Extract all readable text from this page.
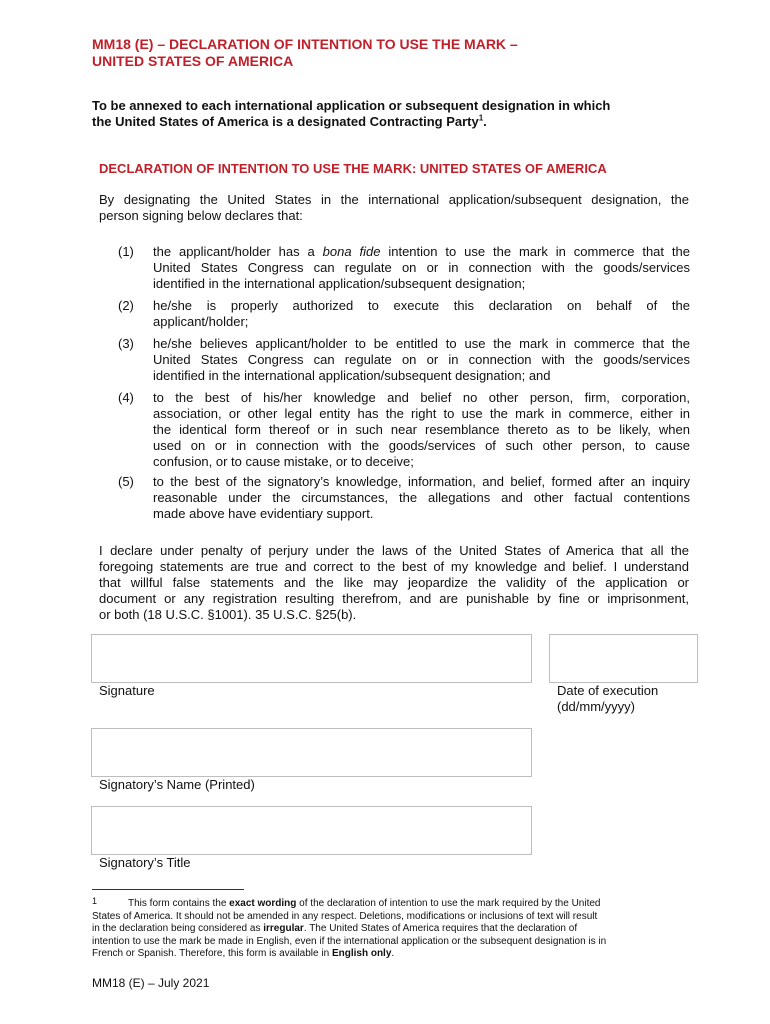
MM18 (E) – DECLARATION OF INTENTION TO USE THE MARK –
UNITED STATES OF AMERICA
To be annexed to each international application or subsequent designation in which
the United States of America is a designated Contracting Party$^1$.
DECLARATION OF INTENTION TO USE THE MARK: UNITED STATES OF AMERICA
By designating the United States in the international application/subsequent designation, the
person signing below declares that:
(1) the applicant/holder has a bona fide intention to use the mark in commerce that the
United States Congress can regulate on or in connection with the goods/services
identified in the international application/subsequent designation;
(2) he/she is properly authorized to execute this declaration on behalf of the
applicant/holder;
(3) he/she believes applicant/holder to be entitled to use the mark in commerce that the
United States Congress can regulate on or in connection with the goods/services
identified in the international application/subsequent designation; and
(4) to the best of his/her knowledge and belief no other person, firm, corporation,
association, or other legal entity has the right to use the mark in commerce, either in
the identical form thereof or in such near resemblance thereto as to be likely, when
used on or in connection with the goods/services of such other person, to cause
confusion, or to cause mistake, or to deceive;
(5) to the best of the signatory’s knowledge, information, and belief, formed after an inquiry
reasonable under the circumstances, the allegations and other factual contentions
made above have evidentiary support.
I declare under penalty of perjury under the laws of the United States of America that all the
foregoing statements are true and correct to the best of my knowledge and belief. I understand
that willful false statements and the like may jeopardize the validity of the application or
document or any registration resulting therefrom, and are punishable by fine or imprisonment,
or both (18 U.S.C. §1001). 35 U.S.C. §25(b).
Signature	Date of execution
(dd/mm/yyyy)
Signatory’s Name (Printed)
Signatory’s Title
1	This form contains the exact wording of the declaration of intention to use the mark required by the United
States of America. It should not be amended in any respect. Deletions, modifications or inclusions of text will result
in the declaration being considered as irregular. The United States of America requires that the declaration of
intention to use the mark be made in English, even if the international application or the subsequent designation is in
French or Spanish. Therefore, this form is available in English only.
MM18 (E) – July 2021
